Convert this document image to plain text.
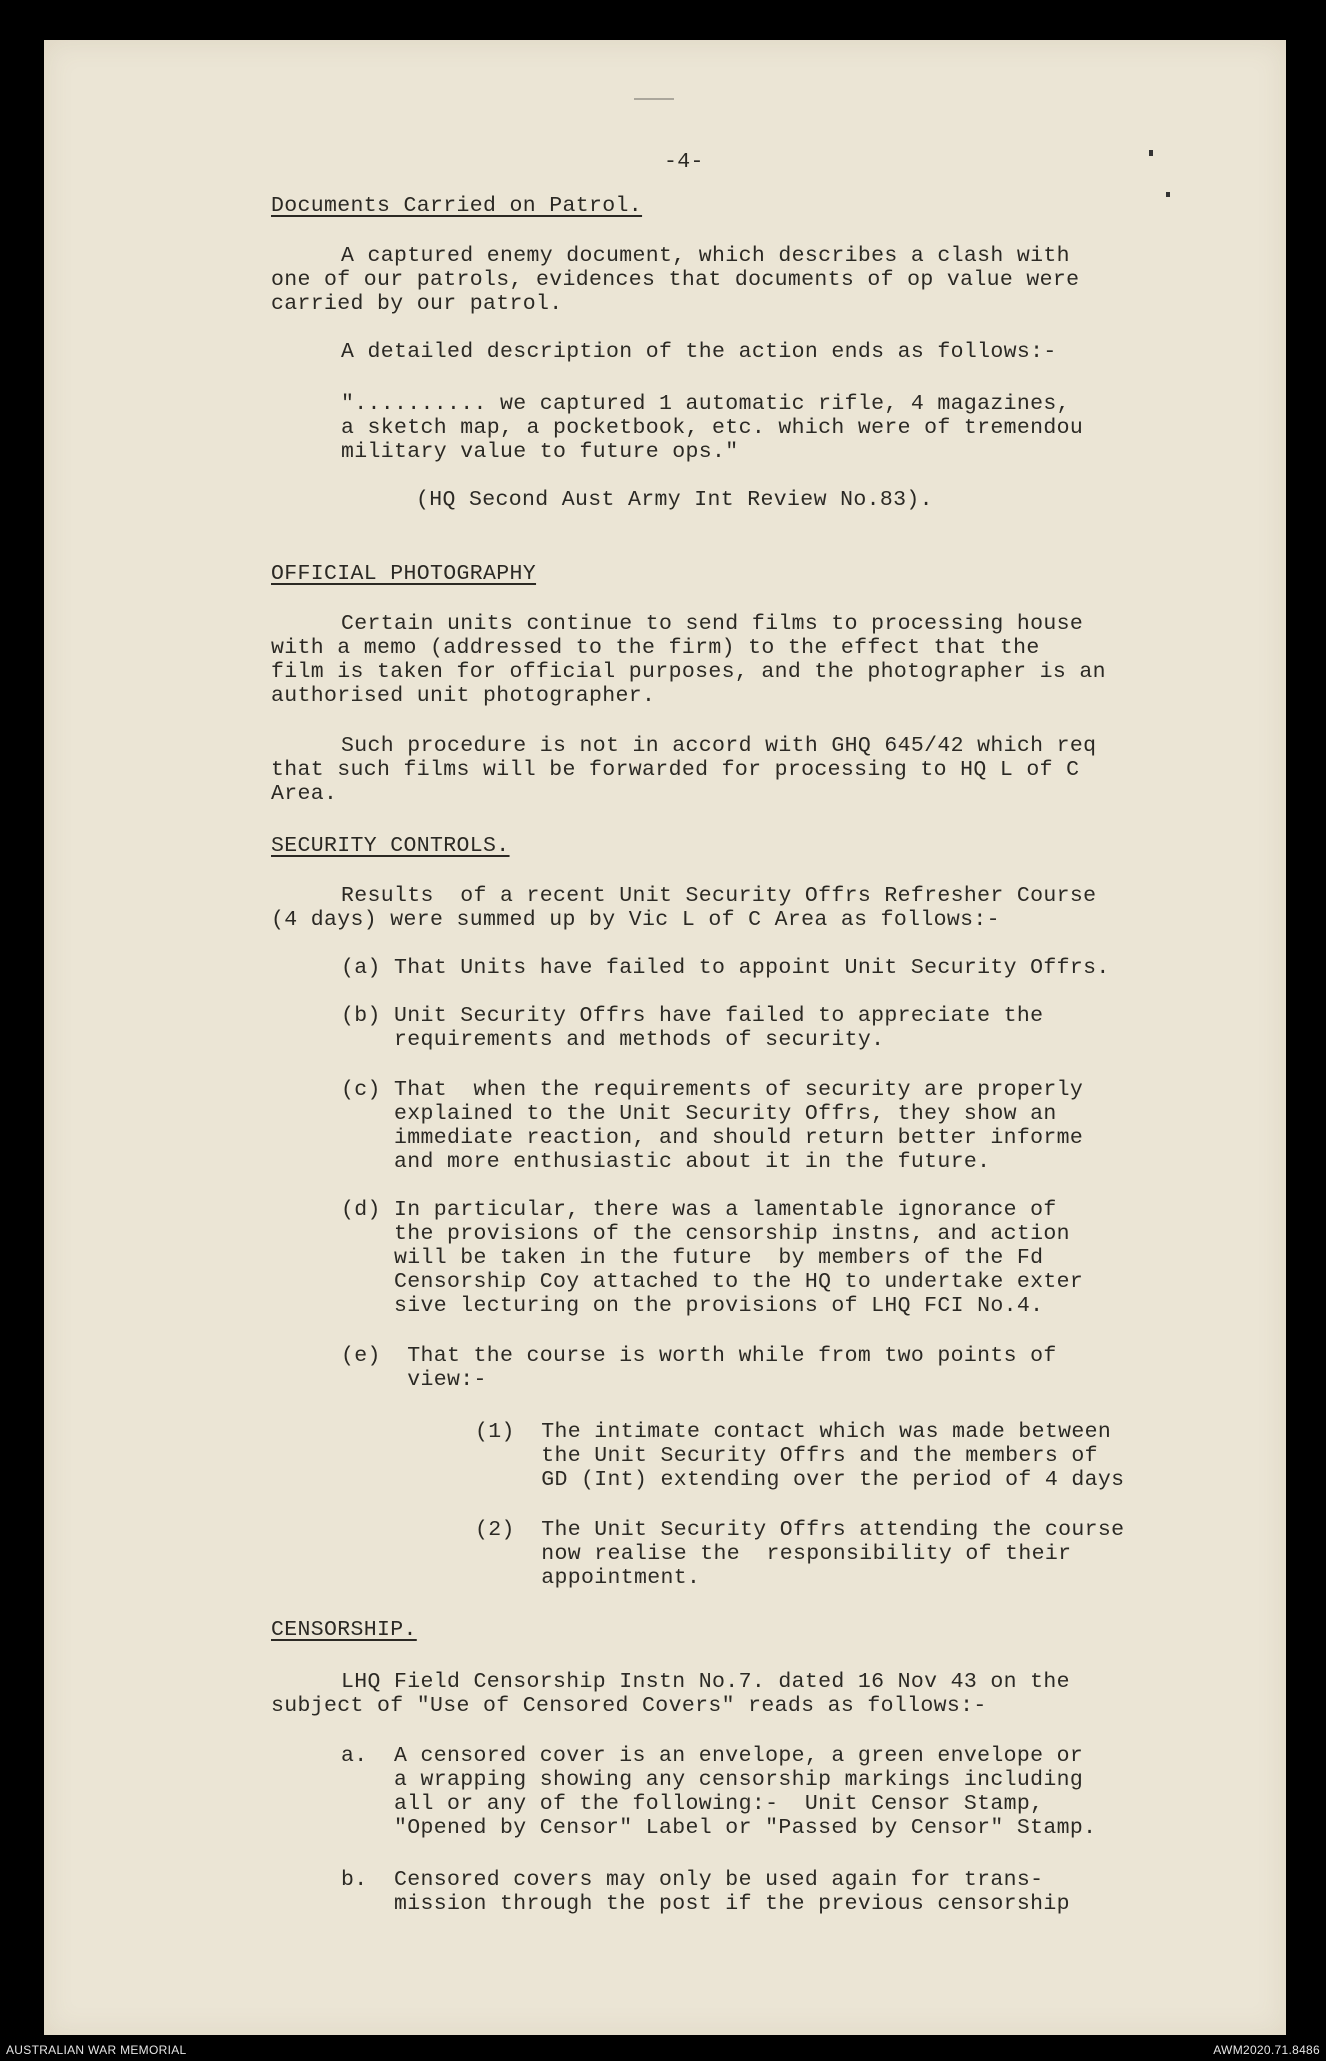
-4-
Documents Carried on Patrol.
A captured enemy document, which describes a clash with
one of our patrols, evidences that documents of op value were
carried by our patrol.
A detailed description of the action ends as follows:-
".......... we captured 1 automatic rifle, 4 magazines,
a sketch map, a pocketbook, etc. which were of tremendou
military value to future ops."
(HQ Second Aust Army Int Review No.83).
OFFICIAL PHOTOGRAPHY
Certain units continue to send films to processing house
with a memo (addressed to the firm) to the effect that the
film is taken for official purposes, and the photographer is an
authorised unit photographer.
Such procedure is not in accord with GHQ 645/42 which req
that such films will be forwarded for processing to HQ L of C
Area.
SECURITY CONTROLS.
Results  of a recent Unit Security Offrs Refresher Course
(4 days) were summed up by Vic L of C Area as follows:-
(a) That Units have failed to appoint Unit Security Offrs.
(b) Unit Security Offrs have failed to appreciate the
requirements and methods of security.
(c) That  when the requirements of security are properly
explained to the Unit Security Offrs, they show an
immediate reaction, and should return better informe
and more enthusiastic about it in the future.
(d) In particular, there was a lamentable ignorance of
the provisions of the censorship instns, and action
will be taken in the future  by members of the Fd
Censorship Coy attached to the HQ to undertake exter
sive lecturing on the provisions of LHQ FCI No.4.
(e)  That the course is worth while from two points of
view:-
(1)  The intimate contact which was made between
the Unit Security Offrs and the members of
GD (Int) extending over the period of 4 days
(2)  The Unit Security Offrs attending the course
now realise the  responsibility of their
appointment.
CENSORSHIP.
LHQ Field Censorship Instn No.7. dated 16 Nov 43 on the
subject of "Use of Censored Covers" reads as follows:-
a.  A censored cover is an envelope, a green envelope or
a wrapping showing any censorship markings including
all or any of the following:-  Unit Censor Stamp,
"Opened by Censor" Label or "Passed by Censor" Stamp.
b.  Censored covers may only be used again for trans-
mission through the post if the previous censorship
AUSTRALIAN WAR MEMORIAL	AWM2020.71.8486
